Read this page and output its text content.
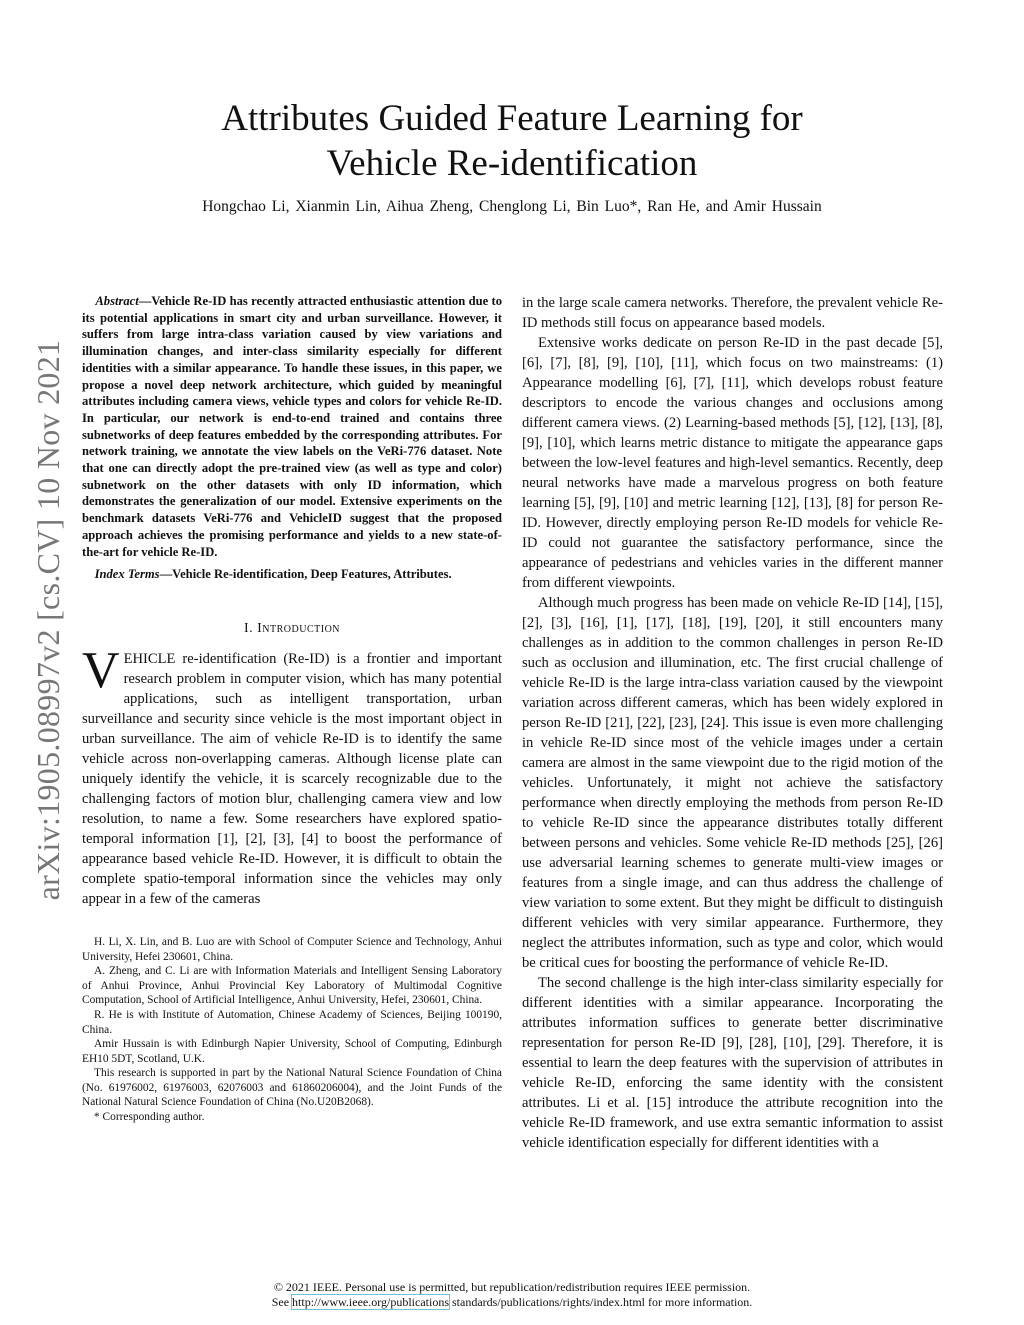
arXiv:1905.08997v2 [cs.CV] 10 Nov 2021
Attributes Guided Feature Learning for
Vehicle Re-identification
Hongchao Li, Xianmin Lin, Aihua Zheng, Chenglong Li, Bin Luo*, Ran He, and Amir Hussain
Abstract—Vehicle Re-ID has recently attracted enthusiastic attention due to its potential applications in smart city and urban surveillance. However, it suffers from large intra-class variation caused by view variations and illumination changes, and inter-class similarity especially for different identities with a similar appearance. To handle these issues, in this paper, we propose a novel deep network architecture, which guided by meaningful attributes including camera views, vehicle types and colors for vehicle Re-ID. In particular, our network is end-to-end trained and contains three subnetworks of deep features embedded by the corresponding attributes. For network training, we annotate the view labels on the VeRi-776 dataset. Note that one can directly adopt the pre-trained view (as well as type and color) subnetwork on the other datasets with only ID information, which demonstrates the generalization of our model. Extensive experiments on the benchmark datasets VeRi-776 and VehicleID suggest that the proposed approach achieves the promising performance and yields to a new state-of-the-art for vehicle Re-ID.
Index Terms—Vehicle Re-identification, Deep Features, Attributes.
I. Introduction

VEHICLE re-identification (Re-ID) is a frontier and important research problem in computer vision, which has many potential applications, such as intelligent transportation, urban surveillance and security since vehicle is the most important object in urban surveillance. The aim of vehicle Re-ID is to identify the same vehicle across non-overlapping cameras. Although license plate can uniquely identify the vehicle, it is scarcely recognizable due to the challenging factors of motion blur, challenging camera view and low resolution, to name a few. Some researchers have explored spatio-temporal information [1], [2], [3], [4] to boost the performance of appearance based vehicle Re-ID. However, it is difficult to obtain the complete spatio-temporal information since the vehicles may only appear in a few of the cameras

H. Li, X. Lin, and B. Luo are with School of Computer Science and Technology, Anhui University, Hefei 230601, China.

A. Zheng, and C. Li are with Information Materials and Intelligent Sensing Laboratory of Anhui Province, Anhui Provincial Key Laboratory of Multimodal Cognitive Computation, School of Artificial Intelligence, Anhui University, Hefei, 230601, China.

R. He is with Institute of Automation, Chinese Academy of Sciences, Beijing 100190, China.

Amir Hussain is with Edinburgh Napier University, School of Computing, Edinburgh EH10 5DT, Scotland, U.K.

This research is supported in part by the National Natural Science Foundation of China (No. 61976002, 61976003, 62076003 and 61860206004), and the Joint Funds of the National Natural Science Foundation of China (No.U20B2068).

* Corresponding author.

in the large scale camera networks. Therefore, the prevalent vehicle Re-ID methods still focus on appearance based models.

Extensive works dedicate on person Re-ID in the past decade [5], [6], [7], [8], [9], [10], [11], which focus on two mainstreams: (1) Appearance modelling [6], [7], [11], which develops robust feature descriptors to encode the various changes and occlusions among different camera views. (2) Learning-based methods [5], [12], [13], [8], [9], [10], which learns metric distance to mitigate the appearance gaps between the low-level features and high-level semantics. Recently, deep neural networks have made a marvelous progress on both feature learning [5], [9], [10] and metric learning [12], [13], [8] for person Re-ID. However, directly employing person Re-ID models for vehicle Re-ID could not guarantee the satisfactory performance, since the appearance of pedestrians and vehicles varies in the different manner from different viewpoints.

Although much progress has been made on vehicle Re-ID [14], [15], [2], [3], [16], [1], [17], [18], [19], [20], it still encounters many challenges as in addition to the common challenges in person Re-ID such as occlusion and illumination, etc. The first crucial challenge of vehicle Re-ID is the large intra-class variation caused by the viewpoint variation across different cameras, which has been widely explored in person Re-ID [21], [22], [23], [24]. This issue is even more challenging in vehicle Re-ID since most of the vehicle images under a certain camera are almost in the same viewpoint due to the rigid motion of the vehicles. Unfortunately, it might not achieve the satisfactory performance when directly employing the methods from person Re-ID to vehicle Re-ID since the appearance distributes totally different between persons and vehicles. Some vehicle Re-ID methods [25], [26] use adversarial learning schemes to generate multi-view images or features from a single image, and can thus address the challenge of view variation to some extent. But they might be difficult to distinguish different vehicles with very similar appearance. Furthermore, they neglect the attributes information, such as type and color, which would be critical cues for boosting the performance of vehicle Re-ID.

The second challenge is the high inter-class similarity especially for different identities with a similar appearance. Incorporating the attributes information suffices to generate better discriminative representation for person Re-ID [9], [28], [10], [29]. Therefore, it is essential to learn the deep features with the supervision of attributes in vehicle Re-ID, enforcing the same identity with the consistent attributes. Li et al. [15] introduce the attribute recognition into the vehicle Re-ID framework, and use extra semantic information to assist vehicle identification especially for different identities with a

© 2021 IEEE. Personal use is permitted, but republication/redistribution requires IEEE permission.
See http://www.ieee.org/publications standards/publications/rights/index.html for more information.
